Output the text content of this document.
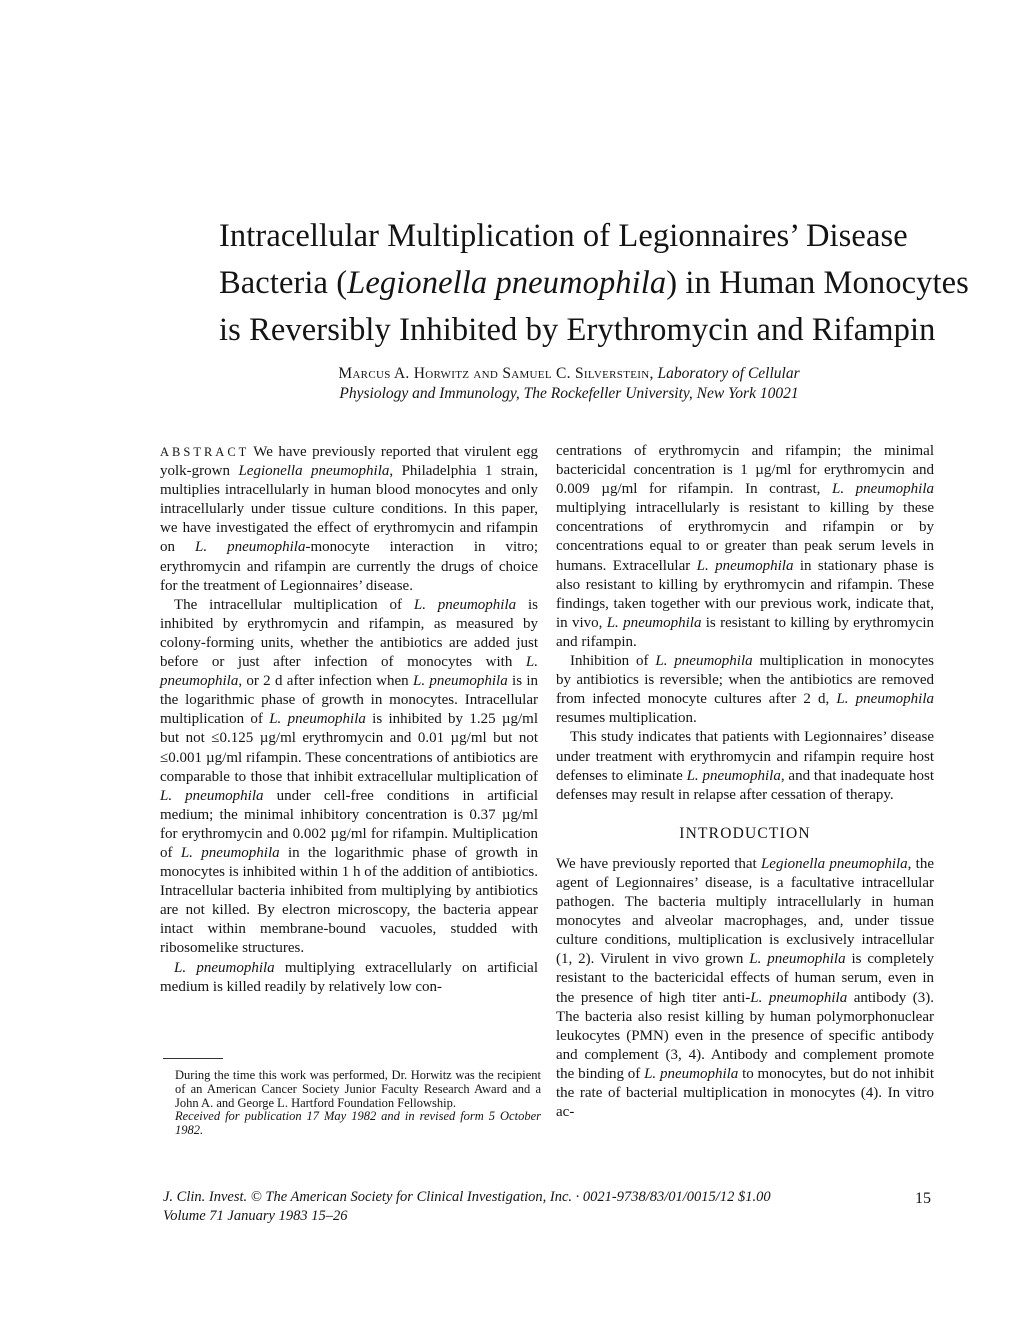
Intracellular Multiplication of Legionnaires’ Disease
Bacteria (Legionella pneumophila) in Human Monocytes
is Reversibly Inhibited by Erythromycin and Rifampin
Marcus A. Horwitz and Samuel C. Silverstein, Laboratory of Cellular
Physiology and Immunology, The Rockefeller University, New York 10021

ABSTRACT We have previously reported that virulent egg yolk-grown Legionella pneumophila, Philadelphia 1 strain, multiplies intracellularly in human blood monocytes and only intracellularly under tissue culture conditions. In this paper, we have investigated the effect of erythromycin and rifampin on L. pneumophila-monocyte interaction in vitro; erythromycin and rifampin are currently the drugs of choice for the treatment of Legionnaires’ disease.

The intracellular multiplication of L. pneumophila is inhibited by erythromycin and rifampin, as measured by colony-forming units, whether the antibiotics are added just before or just after infection of monocytes with L. pneumophila, or 2 d after infection when L. pneumophila is in the logarithmic phase of growth in monocytes. Intracellular multiplication of L. pneumophila is inhibited by 1.25 µg/ml but not ≤0.125 µg/ml erythromycin and 0.01 µg/ml but not ≤0.001 µg/ml rifampin. These concentrations of antibiotics are comparable to those that inhibit extracellular multiplication of L. pneumophila under cell-free conditions in artificial medium; the minimal inhibitory concentration is 0.37 µg/ml for erythromycin and 0.002 µg/ml for rifampin. Multiplication of L. pneumophila in the logarithmic phase of growth in monocytes is inhibited within 1 h of the addition of antibiotics. Intracellular bacteria inhibited from multiplying by antibiotics are not killed. By electron microscopy, the bacteria appear intact within membrane-bound vacuoles, studded with ribosomelike structures.

L. pneumophila multiplying extracellularly on artificial medium is killed readily by relatively low con-

centrations of erythromycin and rifampin; the minimal bactericidal concentration is 1 µg/ml for erythromycin and 0.009 µg/ml for rifampin. In contrast, L. pneumophila multiplying intracellularly is resistant to killing by these concentrations of erythromycin and rifampin or by concentrations equal to or greater than peak serum levels in humans. Extracellular L. pneumophila in stationary phase is also resistant to killing by erythromycin and rifampin. These findings, taken together with our previous work, indicate that, in vivo, L. pneumophila is resistant to killing by erythromycin and rifampin.

Inhibition of L. pneumophila multiplication in monocytes by antibiotics is reversible; when the antibiotics are removed from infected monocyte cultures after 2 d, L. pneumophila resumes multiplication.

This study indicates that patients with Legionnaires’ disease under treatment with erythromycin and rifampin require host defenses to eliminate L. pneumophila, and that inadequate host defenses may result in relapse after cessation of therapy.

INTRODUCTION

We have previously reported that Legionella pneumophila, the agent of Legionnaires’ disease, is a facultative intracellular pathogen. The bacteria multiply intracellularly in human monocytes and alveolar macrophages, and, under tissue culture conditions, multiplication is exclusively intracellular (1, 2). Virulent in vivo grown L. pneumophila is completely resistant to the bactericidal effects of human serum, even in the presence of high titer anti-L. pneumophila antibody (3). The bacteria also resist killing by human polymorphonuclear leukocytes (PMN) even in the presence of specific antibody and complement (3, 4). Antibody and complement promote the binding of L. pneumophila to monocytes, but do not inhibit the rate of bacterial multiplication in monocytes (4). In vitro ac-

During the time this work was performed, Dr. Horwitz was the recipient of an American Cancer Society Junior Faculty Research Award and a John A. and George L. Hartford Foundation Fellowship.

Received for publication 17 May 1982 and in revised form 5 October 1982.

J. Clin. Invest. © The American Society for Clinical Investigation, Inc. · 0021-9738/83/01/0015/12 $1.00
Volume 71 January 1983 15–26
15
